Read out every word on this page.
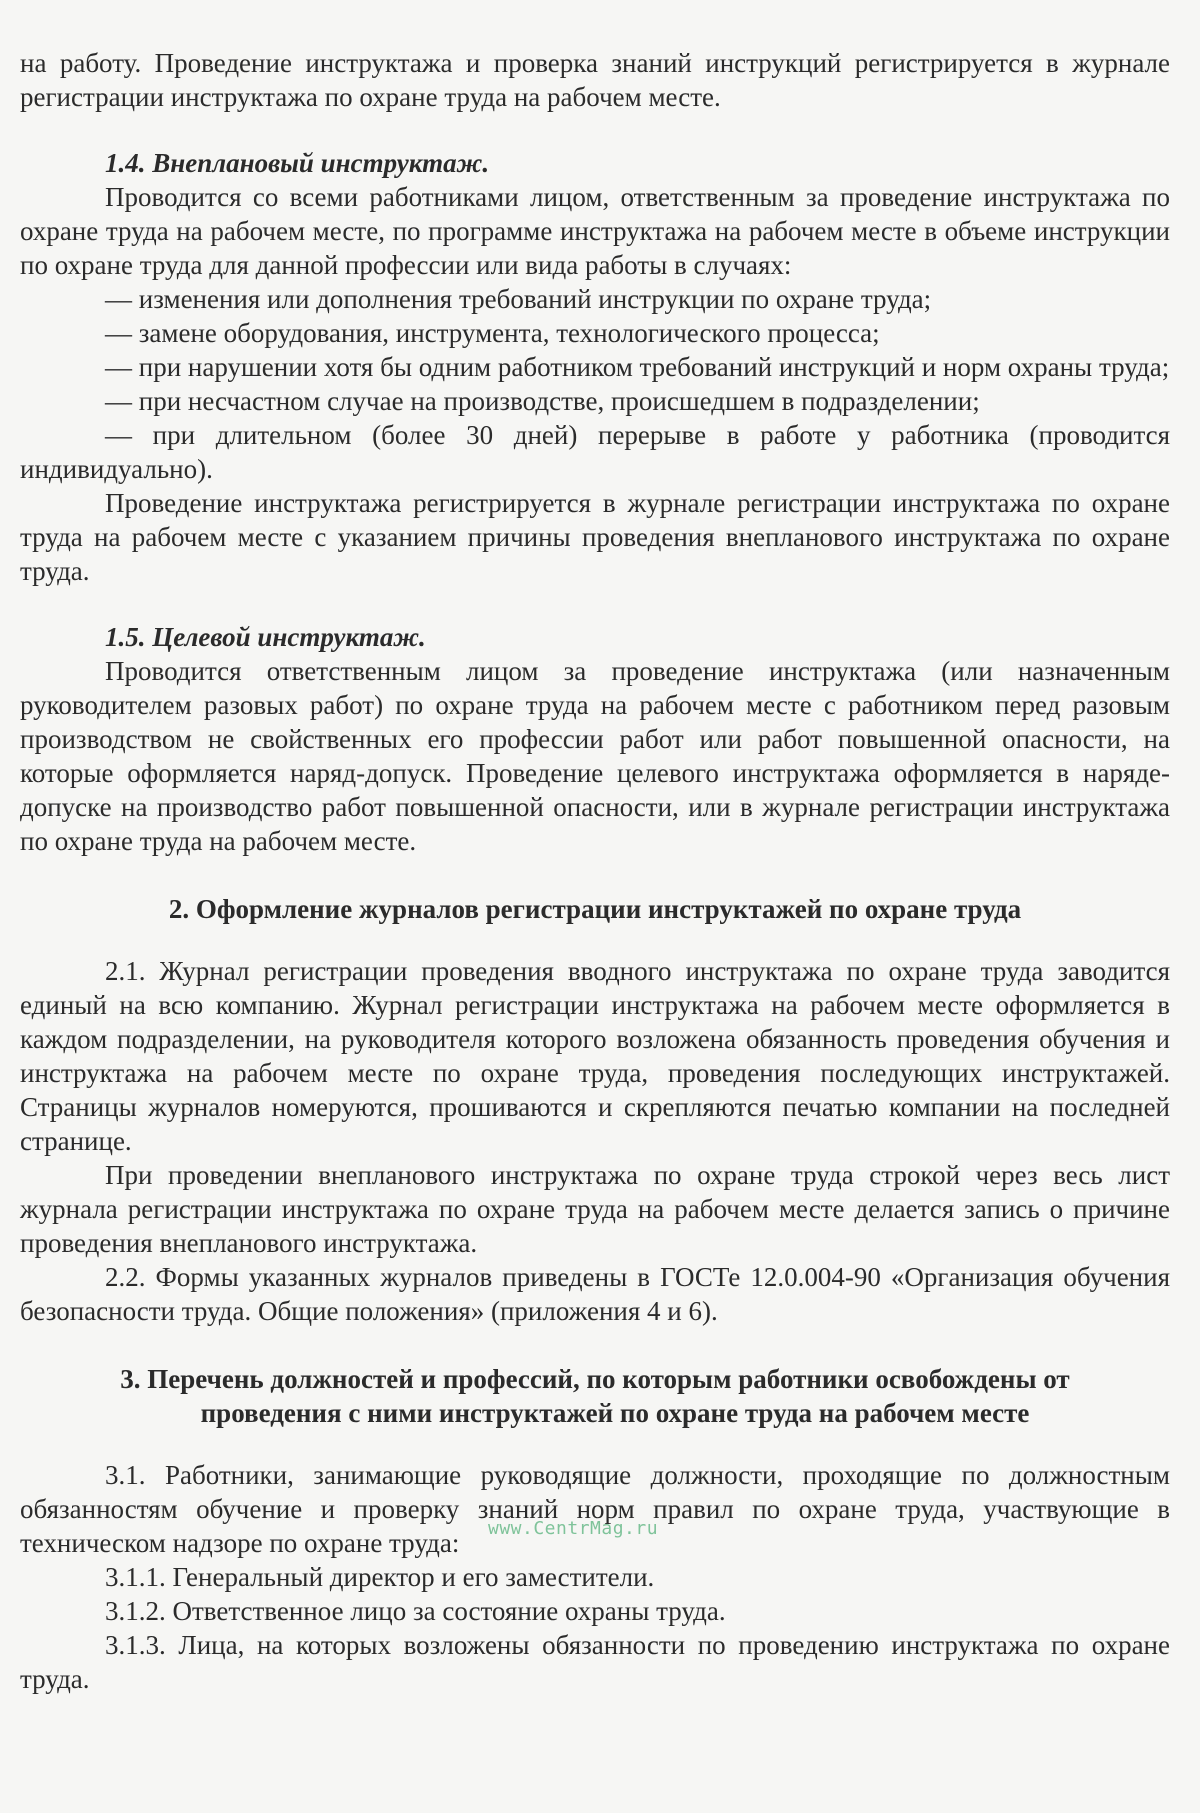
на работу. Проведение инструктажа и проверка знаний инструкций регистрируется в журнале регистрации инструктажа по охране труда на рабочем месте.

1.4. Внеплановый инструктаж.

Проводится со всеми работниками лицом, ответственным за проведение инструктажа по охране труда на рабочем месте, по программе инструктажа на рабочем месте в объеме инструкции по охране труда для данной профессии или вида работы в случаях:

— изменения или дополнения требований инструкции по охране труда;

— замене оборудования, инструмента, технологического процесса;

— при нарушении хотя бы одним работником требований инструкций и норм охраны труда;

— при несчастном случае на производстве, происшедшем в подразделении;

— при длительном (более 30 дней) перерыве в работе у работника (проводится индивидуально).

Проведение инструктажа регистрируется в журнале регистрации инструктажа по охране труда на рабочем месте с указанием причины проведения внепланового инструктажа по охране труда.

1.5. Целевой инструктаж.

Проводится ответственным лицом за проведение инструктажа (или назначенным руководителем разовых работ) по охране труда на рабочем месте с работником перед разовым производством не свойственных его профессии работ или работ повышенной опасности, на которые оформляется наряд-допуск. Проведение целевого инструктажа оформляется в наряде-допуске на производство работ повышенной опасности, или в журнале регистрации инструктажа по охране труда на рабочем месте.

2. Оформление журналов регистрации инструктажей по охране труда

2.1. Журнал регистрации проведения вводного инструктажа по охране труда заводится единый на всю компанию. Журнал регистрации инструктажа на рабочем месте оформляется в каждом подразделении, на руководителя которого возложена обязанность проведения обучения и инструктажа на рабочем месте по охране труда, проведения последующих инструктажей. Страницы журналов номеруются, прошиваются и скрепляются печатью компании на последней странице.

При проведении внепланового инструктажа по охране труда строкой через весь лист журнала регистрации инструктажа по охране труда на рабочем месте делается запись о причине проведения внепланового инструктажа.

2.2. Формы указанных журналов приведены в ГОСТе 12.0.004-90 «Организация обучения безопасности труда. Общие положения» (приложения 4 и 6).

3. Перечень должностей и профессий, по которым работники освобождены от

проведения с ними инструктажей по охране труда на рабочем месте

3.1. Работники, занимающие руководящие должности, проходящие по должностным обязанностям обучение и проверку знаний норм правил по охране труда, участвующие в техническом надзоре по охране труда:

3.1.1. Генеральный директор и его заместители.

3.1.2. Ответственное лицо за состояние охраны труда.

3.1.3. Лица, на которых возложены обязанности по проведению инструктажа по охране труда.

www.CentrMag.ru
